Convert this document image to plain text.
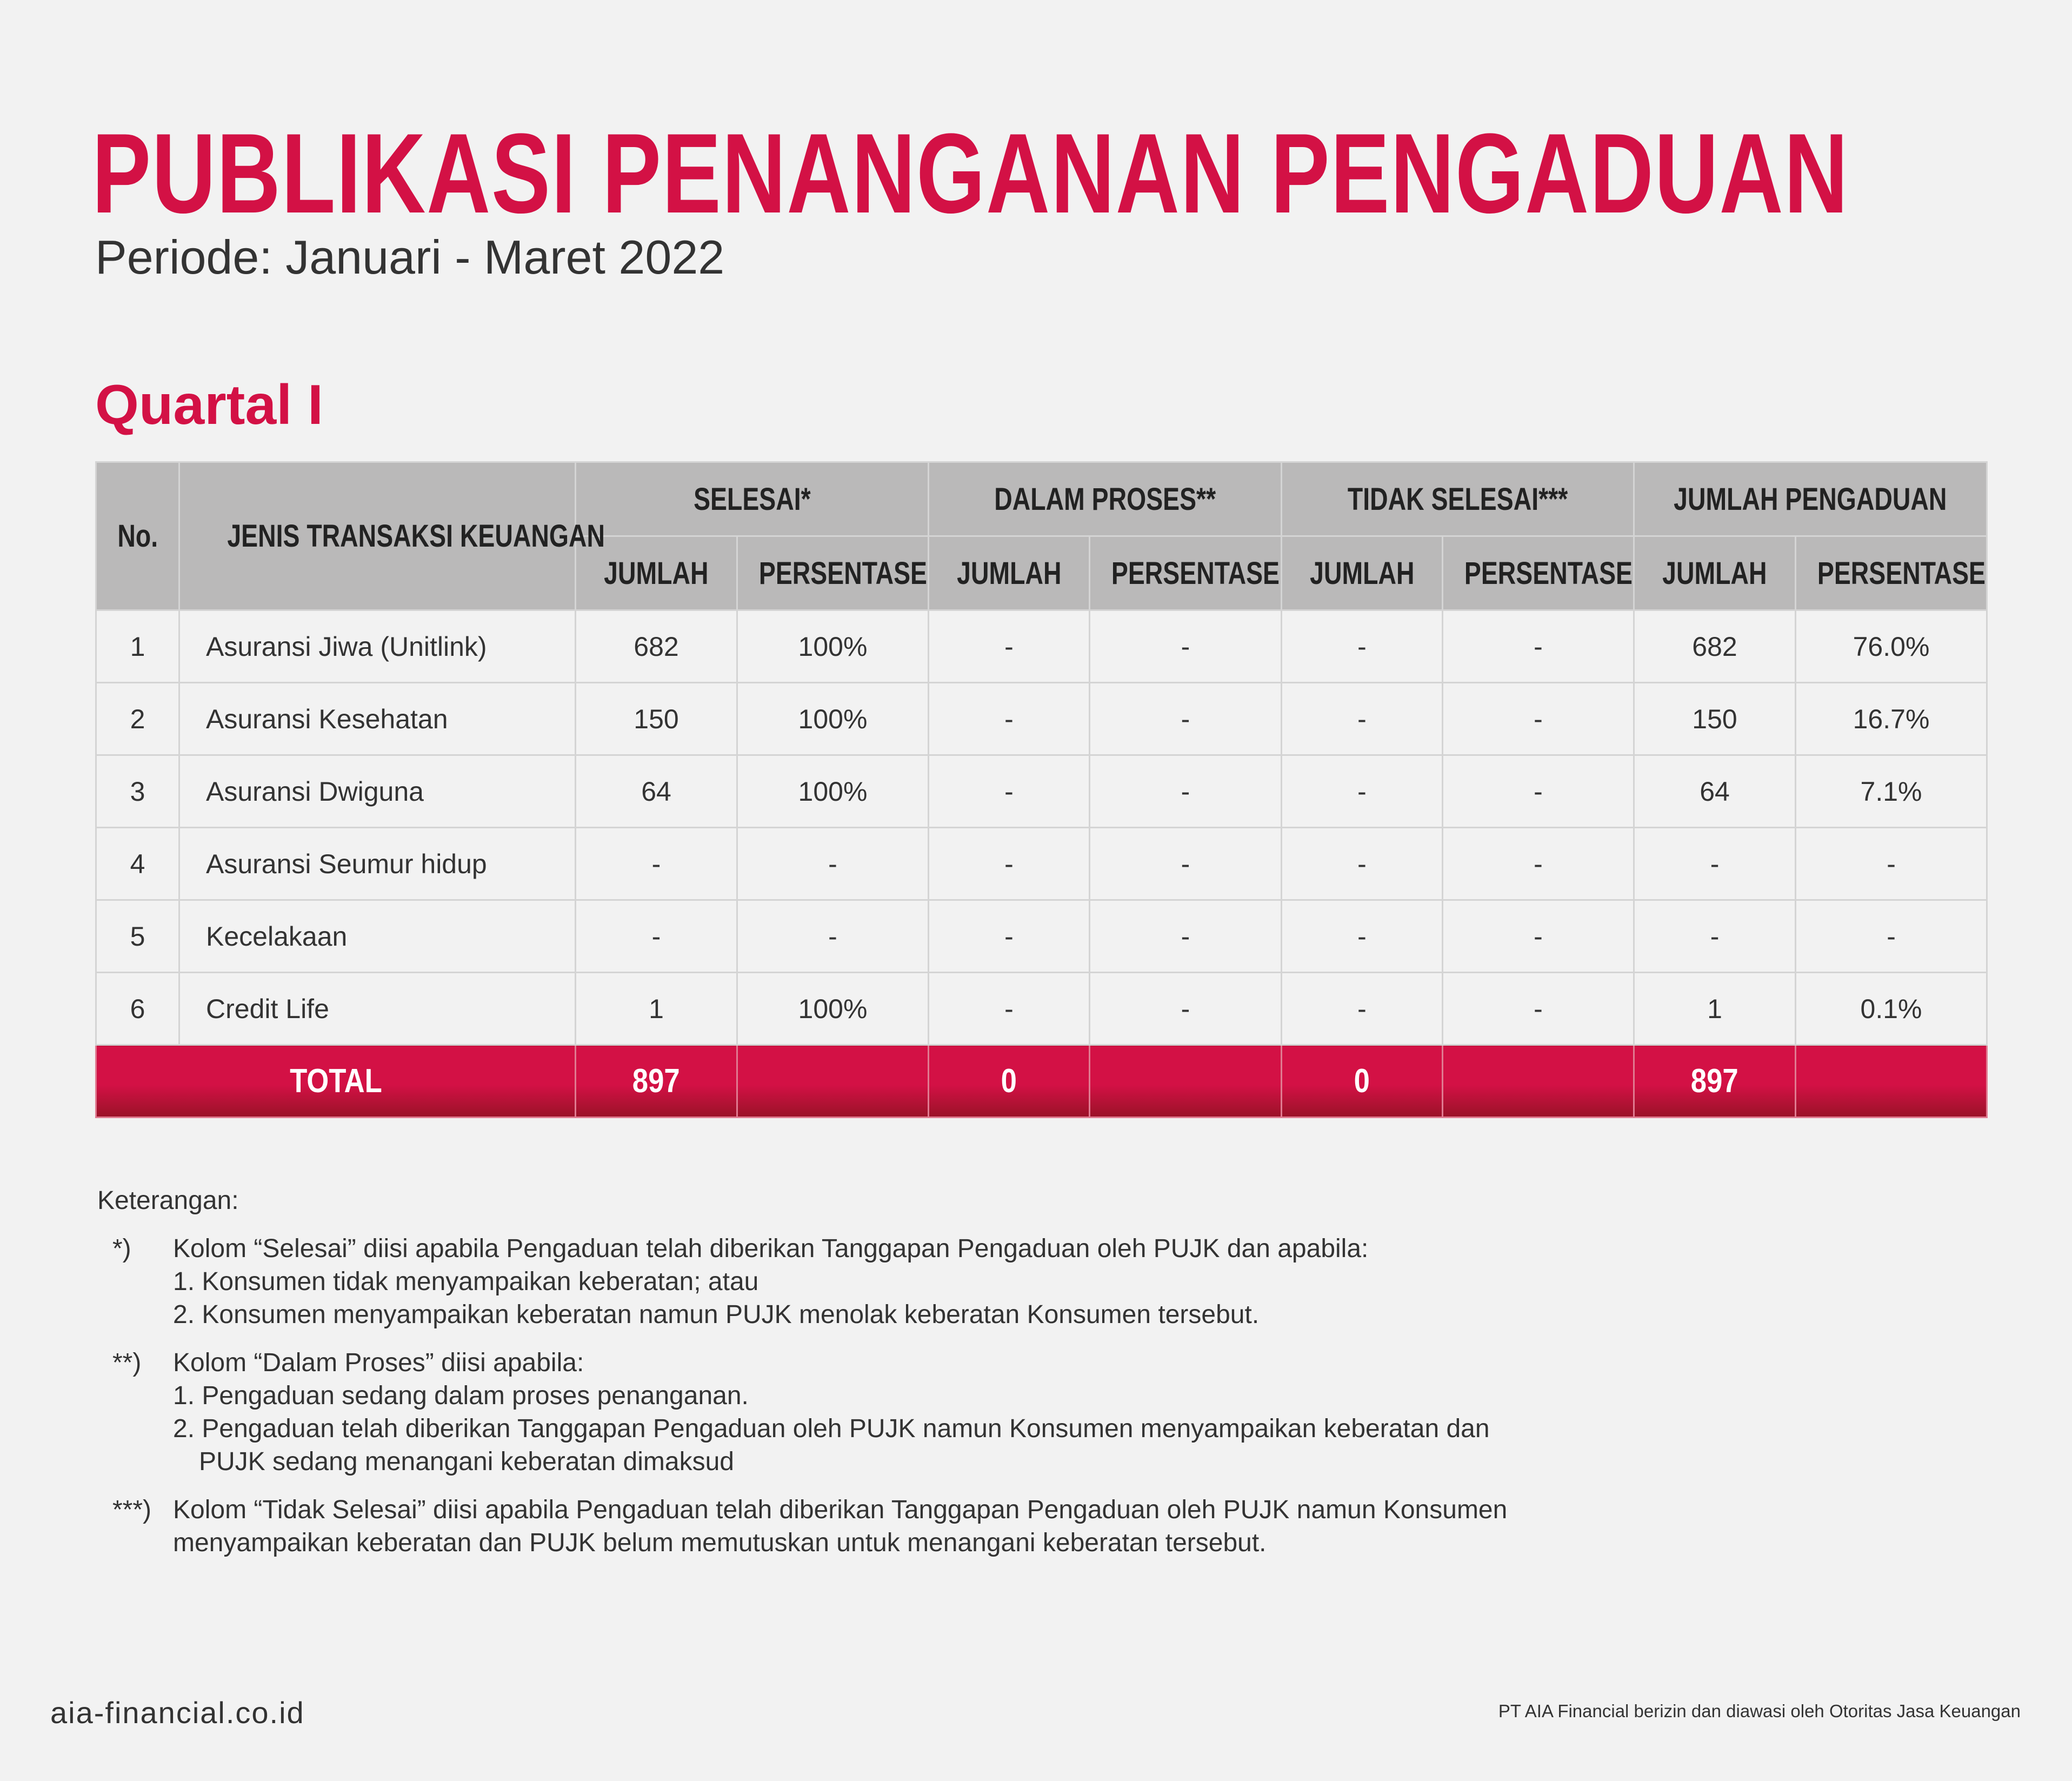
PUBLIKASI PENANGANAN PENGADUAN
Periode: Januari - Maret 2022
Quartal I
No.	JENIS TRANSAKSI KEUANGAN	SELESAI*		DALAM PROSES**		TIDAK SELESAI***		JUMLAH PENGADUAN	
		JUMLAH	PERSENTASE	JUMLAH	PERSENTASE	JUMLAH	PERSENTASE	JUMLAH	PERSENTASE
1	Asuransi Jiwa (Unitlink)	682	100%	-	-	-	-	682	76.0%
2	Asuransi Kesehatan	150	100%	-	-	-	-	150	16.7%
3	Asuransi Dwiguna	64	100%	-	-	-	-	64	7.1%
4	Asuransi Seumur hidup	-	-	-	-	-	-	-	-
5	Kecelakaan	-	-	-	-	-	-	-	-
6	Credit Life	1	100%	-	-	-	-	1	0.1%
TOTAL		897		0		0		897	
Keterangan:
*) Kolom “Selesai” diisi apabila Pengaduan telah diberikan Tanggapan Pengaduan oleh PUJK dan apabila:
1. Konsumen tidak menyampaikan keberatan; atau
2. Konsumen menyampaikan keberatan namun PUJK menolak keberatan Konsumen tersebut.
**) Kolom “Dalam Proses” diisi apabila:
1. Pengaduan sedang dalam proses penanganan.
2. Pengaduan telah diberikan Tanggapan Pengaduan oleh PUJK namun Konsumen menyampaikan keberatan dan
PUJK sedang menangani keberatan dimaksud
***) Kolom “Tidak Selesai” diisi apabila Pengaduan telah diberikan Tanggapan Pengaduan oleh PUJK namun Konsumen
menyampaikan keberatan dan PUJK belum memutuskan untuk menangani keberatan tersebut.
aia-financial.co.id	PT AIA Financial berizin dan diawasi oleh Otoritas Jasa Keuangan
